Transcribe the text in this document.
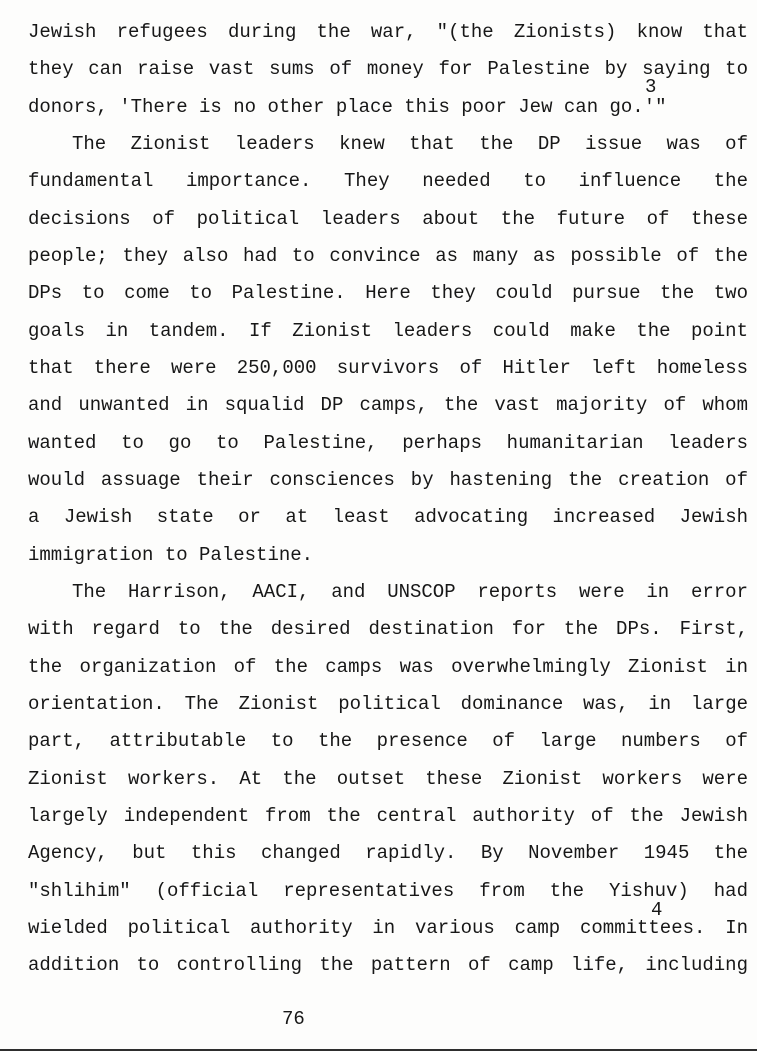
Jewish refugees during the war, "(the Zionists) know that
they can raise vast sums of money for Palestine by saying to
donors, 'There is no other place this poor Jew can go.'"
The Zionist leaders knew that the DP issue was of
fundamental importance. They needed to influence the
decisions of political leaders about the future of these
people; they also had to convince as many as possible of the
DPs to come to Palestine. Here they could pursue the two
goals in tandem. If Zionist leaders could make the point
that there were 250,000 survivors of Hitler left homeless
and unwanted in squalid DP camps, the vast majority of whom
wanted to go to Palestine, perhaps humanitarian leaders
would assuage their consciences by hastening the creation of
a Jewish state or at least advocating increased Jewish
immigration to Palestine.
The Harrison, AACI, and UNSCOP reports were in error
with regard to the desired destination for the DPs. First,
the organization of the camps was overwhelmingly Zionist in
orientation. The Zionist political dominance was, in large
part, attributable to the presence of large numbers of
Zionist workers. At the outset these Zionist workers were
largely independent from the central authority of the Jewish
Agency, but this changed rapidly. By November 1945 the
"shlihim" (official representatives from the Yishuv) had
wielded political authority in various camp committees. In
addition to controlling the pattern of camp life, including
3
4
76
